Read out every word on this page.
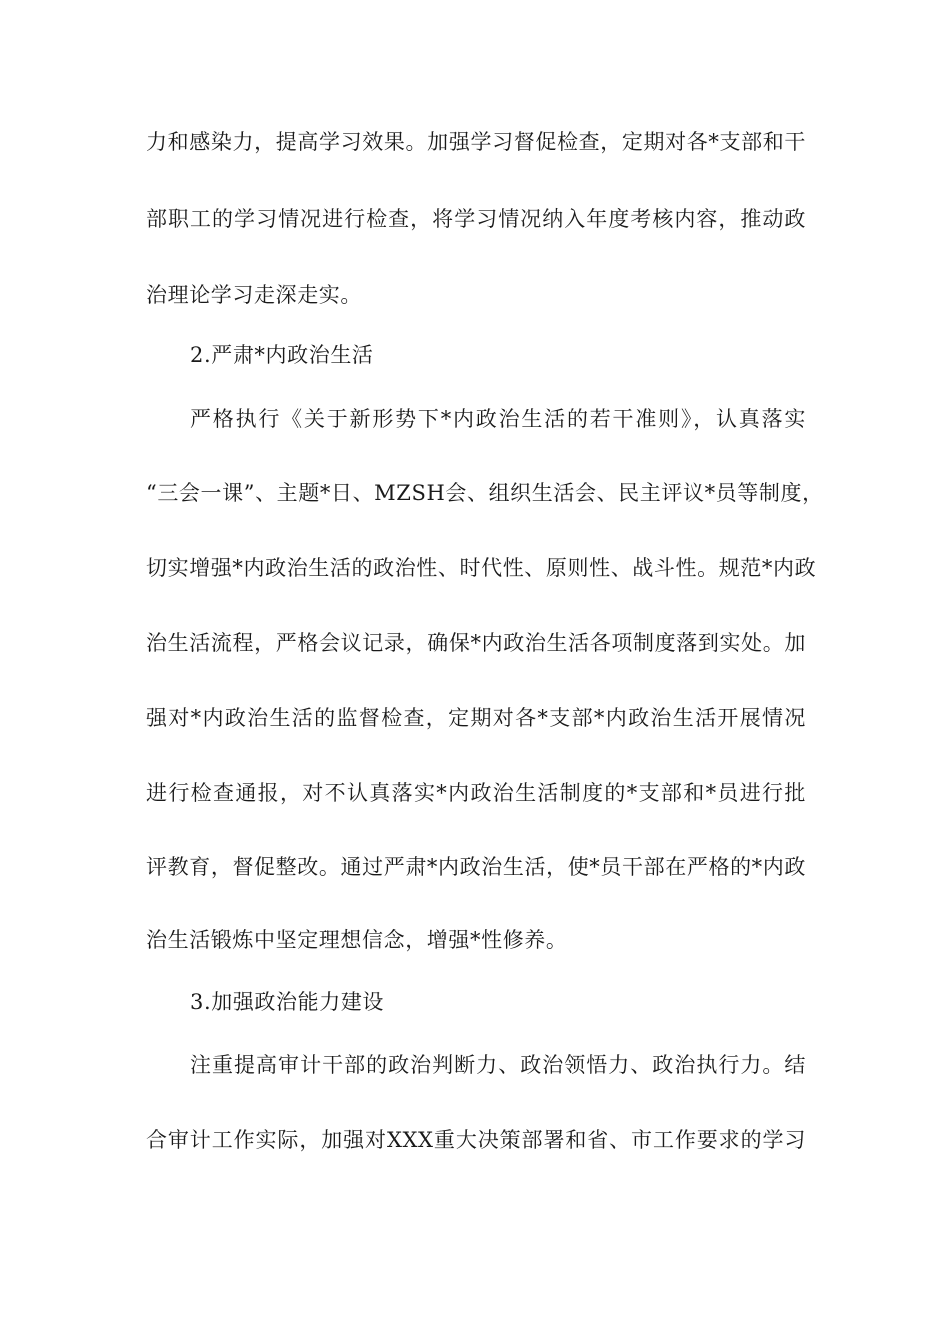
力和感染力，提高学习效果。加强学习督促检查，定期对各*支部和干
部职工的学习情况进行检查，将学习情况纳入年度考核内容，推动政
治理论学习走深走实。
2.严肃*内政治生活
严格执行《关于新形势下*内政治生活的若干准则》，认真落实
“三会一课”、主题*日、MZSH会、组织生活会、民主评议*员等制度，
切实增强*内政治生活的政治性、时代性、原则性、战斗性。规范*内政
治生活流程，严格会议记录，确保*内政治生活各项制度落到实处。加
强对*内政治生活的监督检查，定期对各*支部*内政治生活开展情况
进行检查通报，对不认真落实*内政治生活制度的*支部和*员进行批
评教育，督促整改。通过严肃*内政治生活，使*员干部在严格的*内政
治生活锻炼中坚定理想信念，增强*性修养。
3.加强政治能力建设
注重提高审计干部的政治判断力、政治领悟力、政治执行力。结
合审计工作实际，加强对XXX重大决策部署和省、市工作要求的学习
